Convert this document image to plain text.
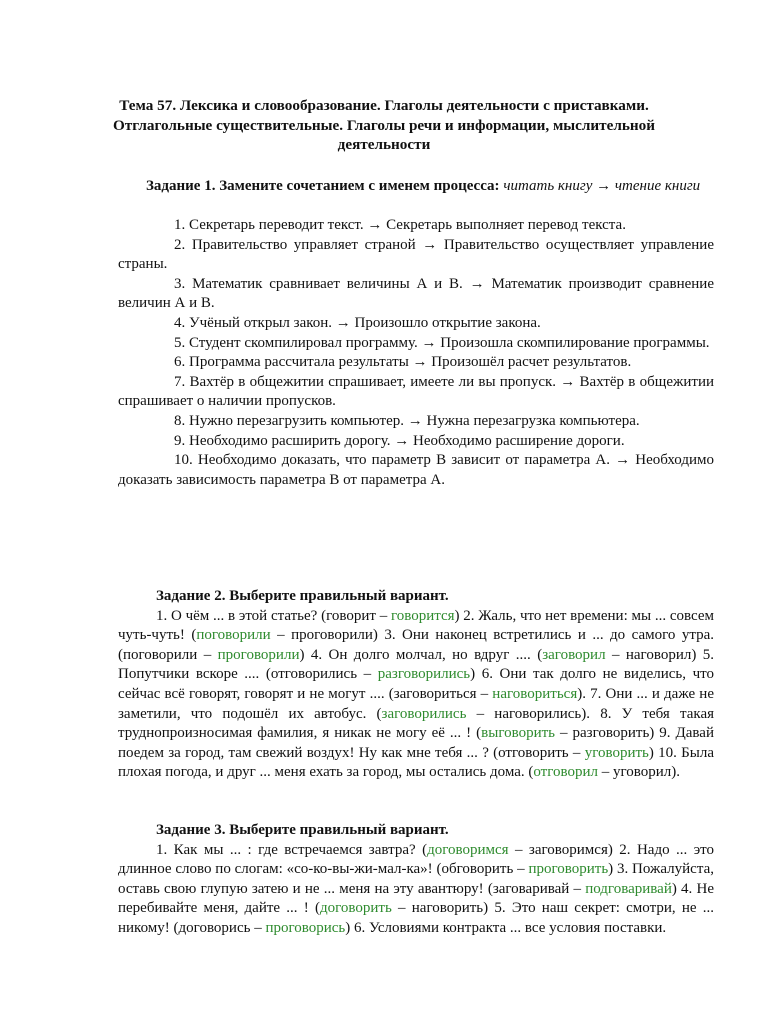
Тема 57. Лексика и словообразование. Глаголы деятельности с приставками. Отглагольные существительные. Глаголы речи и информации, мыслительной деятельности

Задание 1. Замените сочетанием с именем процесса: читать книгу → чтение книги

1. Секретарь переводит текст. → Секретарь выполняет перевод текста.

2. Правительство управляет страной → Правительство осуществляет управление страны.

3. Математик сравнивает величины А и В. → Математик производит сравнение величин А и В.

4. Учёный открыл закон. → Произошло открытие закона.

5. Студент скомпилировал программу. → Произошла скомпилирование программы.

6. Программа рассчитала результаты → Произошёл расчет результатов.

7. Вахтёр в общежитии спрашивает, имеете ли вы пропуск. → Вахтёр в общежитии спрашивает о наличии пропусков.

8. Нужно перезагрузить компьютер. → Нужна перезагрузка компьютера.

9. Необходимо расширить дорогу. → Необходимо расширение дороги.

10. Необходимо доказать, что параметр В зависит от параметра А. → Необходимо доказать зависимость параметра В от параметра А.

Задание 2. Выберите правильный вариант.

1. О чём ... в этой статье? (говорит – говорится) 2. Жаль, что нет времени: мы ... совсем чуть-чуть! (поговорили – проговорили) 3. Они наконец встретились и ... до самого утра. (поговорили – проговорили) 4. Он долго молчал, но вдруг .... (заговорил – наговорил) 5. Попутчики вскоре .... (отговорились – разговорились) 6. Они так долго не виделись, что сейчас всё говорят, говорят и не могут .... (заговориться – наговориться). 7. Они ... и даже не заметили, что подошёл их автобус. (заговорились – наговорились). 8. У тебя такая труднопроизносимая фамилия, я никак не могу её ... ! (выговорить – разговорить) 9. Давай поедем за город, там свежий воздух! Ну как мне тебя ... ? (отговорить – уговорить) 10. Была плохая погода, и друг ... меня ехать за город, мы остались дома. (отговорил – уговорил).

Задание 3. Выберите правильный вариант.

1. Как мы ... : где встречаемся завтра? (договоримся – заговоримся) 2. Надо ... это длинное слово по слогам: «со-ко-вы-жи-мал-ка»! (обговорить – проговорить) 3. Пожалуйста, оставь свою глупую затею и не ... меня на эту авантюру! (заговаривай – подговаривай) 4. Не перебивайте меня, дайте ... ! (договорить – наговорить) 5. Это наш секрет: смотри, не ... никому! (договорись – проговорись) 6. Условиями контракта ... все условия поставки.
